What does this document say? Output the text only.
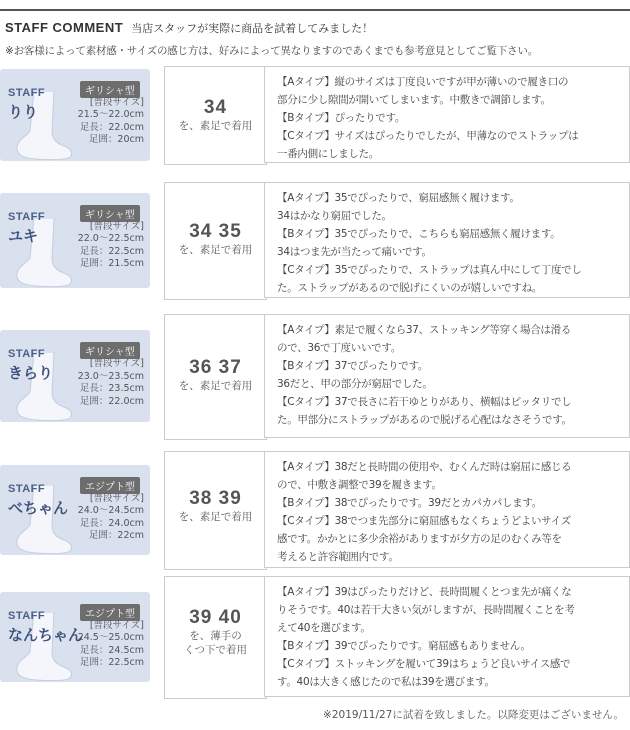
STAFF COMMENT 当店スタッフが実際に商品を試着してみました！
※お客様によって素材感・サイズの感じ方は、好みによって異なりますのであくまでも参考意見としてご覧下さい。
STAFF
りり
ギリシャ型
[普段サイズ]
21.5〜22.0cm
足長：22.0cm
足囲：20cm
34
を、素足で着用
【Aタイプ】縦のサイズは丁度良いですが甲が薄いので履き口の
部分に少し隙間が開いてしまいます。中敷きで調節します。
【Bタイプ】ぴったりです。
【Cタイプ】サイズはぴったりでしたが、甲薄なのでストラップは
一番内側にしました。
STAFF
ユキ
ギリシャ型
[普段サイズ]
22.0〜22.5cm
足長：22.5cm
足囲：21.5cm
34 35
を、素足で着用
【Aタイプ】35でぴったりで、窮屈感無く履けます。
34はかなり窮屈でした。
【Bタイプ】35でぴったりで、こちらも窮屈感無く履けます。
34はつま先が当たって痛いです。
【Cタイプ】35でぴったりで、ストラップは真ん中にして丁度でし
た。ストラップがあるので脱げにくいのが嬉しいですね。
STAFF
きらり
ギリシャ型
[普段サイズ]
23.0〜23.5cm
足長：23.5cm
足囲：22.0cm
36 37
を、素足で着用
【Aタイプ】素足で履くなら37、ストッキング等穿く場合は滑る
ので、36で丁度いいです。
【Bタイプ】37でぴったりです。
36だと、甲の部分が窮屈でした。
【Cタイプ】37で長さに若干ゆとりがあり、横幅はピッタリでし
た。甲部分にストラップがあるので脱げる心配はなさそうです。
STAFF
べちゃん
エジプト型
[普段サイズ]
24.0〜24.5cm
足長：24.0cm
足囲：22cm
38 39
を、素足で着用
【Aタイプ】38だと長時間の使用や、むくんだ時は窮屈に感じる
ので、中敷き調整で39を履きます。
【Bタイプ】38でぴったりです。39だとカパカパします。
【Cタイプ】38でつま先部分に窮屈感もなくちょうどよいサイズ
感です。かかとに多少余裕がありますが夕方の足のむくみ等を
考えると許容範囲内です。
STAFF
なんちゃん
エジプト型
[普段サイズ]
24.5〜25.0cm
足長：24.5cm
足囲：22.5cm
39 40
を、薄手の
くつ下で着用
【Aタイプ】39はぴったりだけど、長時間履くとつま先が痛くな
りそうです。40は若干大きい気がしますが、長時間履くことを考
えて40を選びます。
【Bタイプ】39でぴったりです。窮屈感もありません。
【Cタイプ】ストッキングを履いて39はちょうど良いサイス感で
す。40は大きく感じたので私は39を選びます。
※2019/11/27に試着を致しました。以降変更はございません。
